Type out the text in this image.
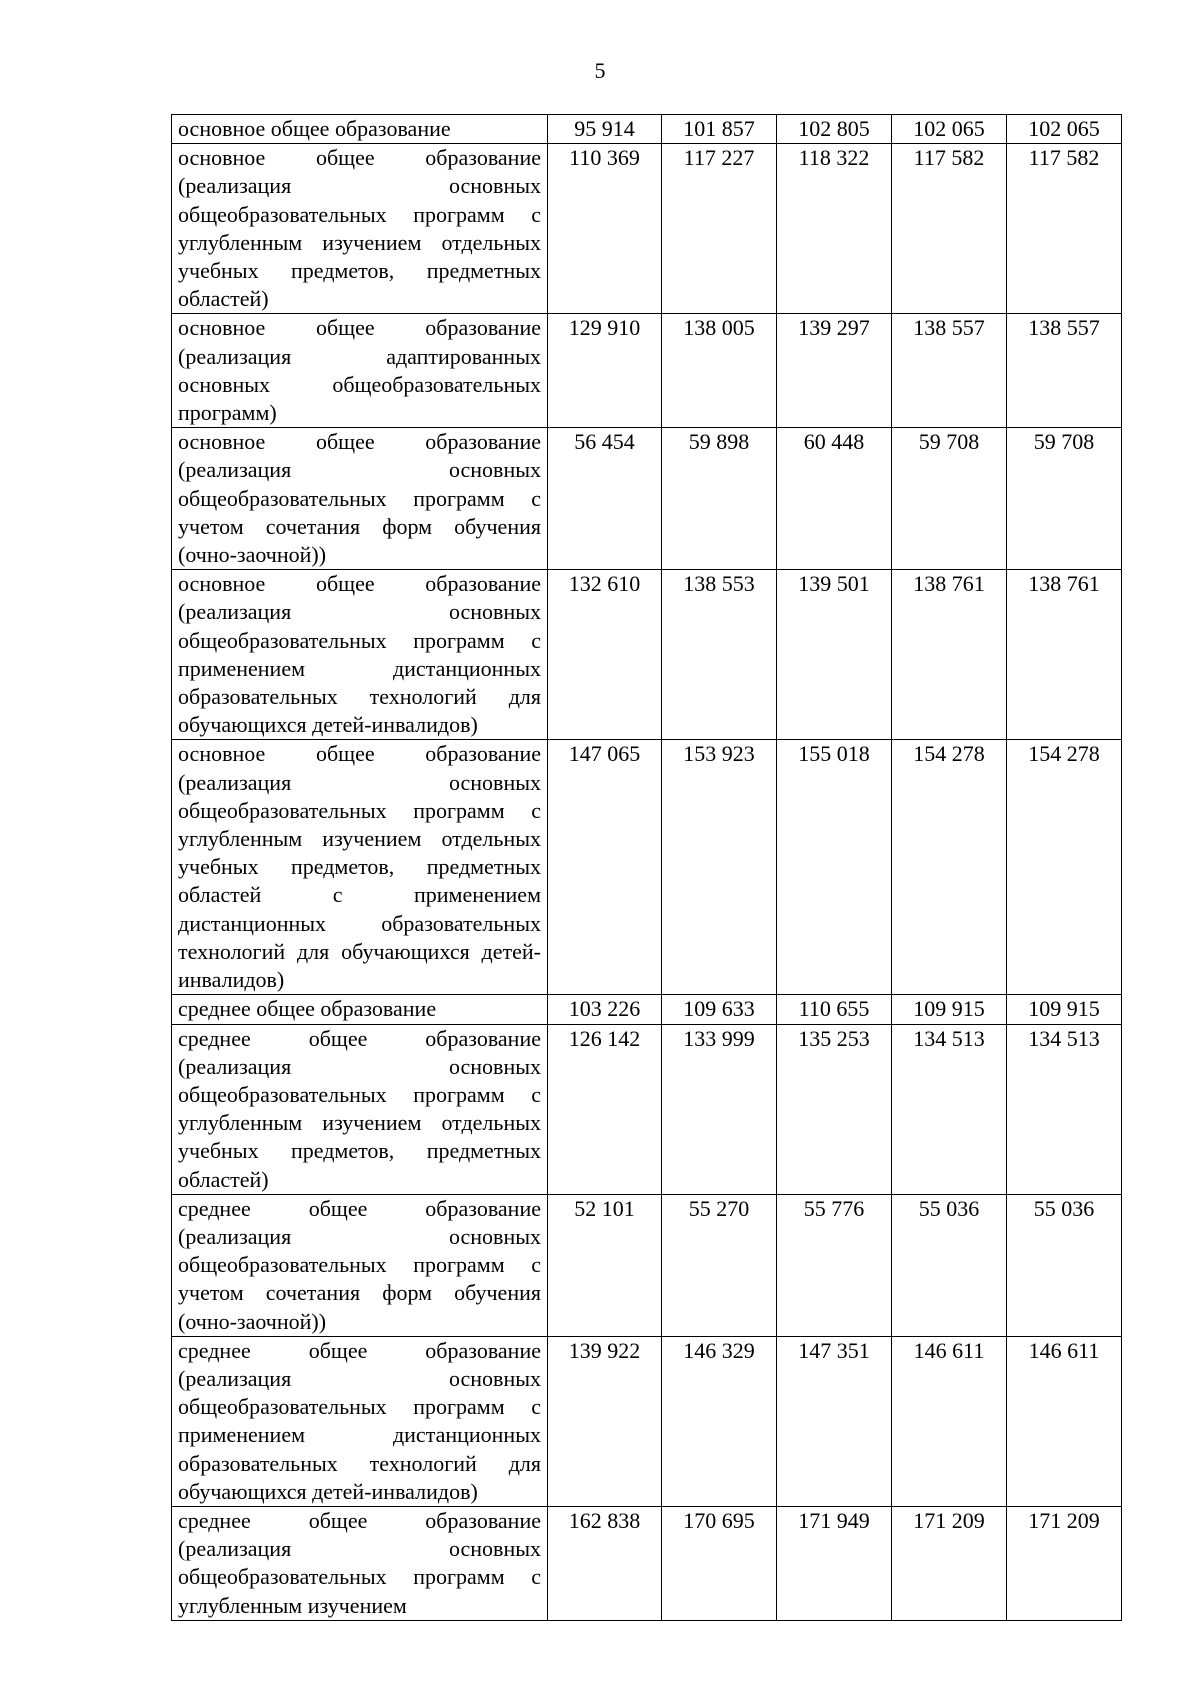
5
основное общее образование	95 914	101 857	102 805	102 065	102 065

основное общее образование (реализация основных общеобразовательных программ с углубленным изучением отдельных учебных предметов, предметных областей)	110 369	117 227	118 322	117 582	117 582

основное общее образование (реализация адаптированных основных общеобразовательных программ)	129 910	138 005	139 297	138 557	138 557

основное общее образование (реализация основных общеобразовательных программ с учетом сочетания форм обучения (очно-заочной))	56 454	59 898	60 448	59 708	59 708

основное общее образование (реализация основных общеобразовательных программ с применением дистанционных образовательных технологий для обучающихся детей-инвалидов)	132 610	138 553	139 501	138 761	138 761

основное общее образование (реализация основных общеобразовательных программ с углубленным изучением отдельных учебных предметов, предметных областей с применением дистанционных образовательных технологий для обучающихся детей-инвалидов)	147 065	153 923	155 018	154 278	154 278

среднее общее образование	103 226	109 633	110 655	109 915	109 915

среднее общее образование (реализация основных общеобразовательных программ с углубленным изучением отдельных учебных предметов, предметных областей)	126 142	133 999	135 253	134 513	134 513

среднее общее образование (реализация основных общеобразовательных программ с учетом сочетания форм обучения (очно-заочной))	52 101	55 270	55 776	55 036	55 036

среднее общее образование (реализация основных общеобразовательных программ с применением дистанционных образовательных технологий для обучающихся детей-инвалидов)	139 922	146 329	147 351	146 611	146 611

среднее общее образование (реализация основных общеобразовательных программ с углубленным изучением	162 838	170 695	171 949	171 209	171 209
